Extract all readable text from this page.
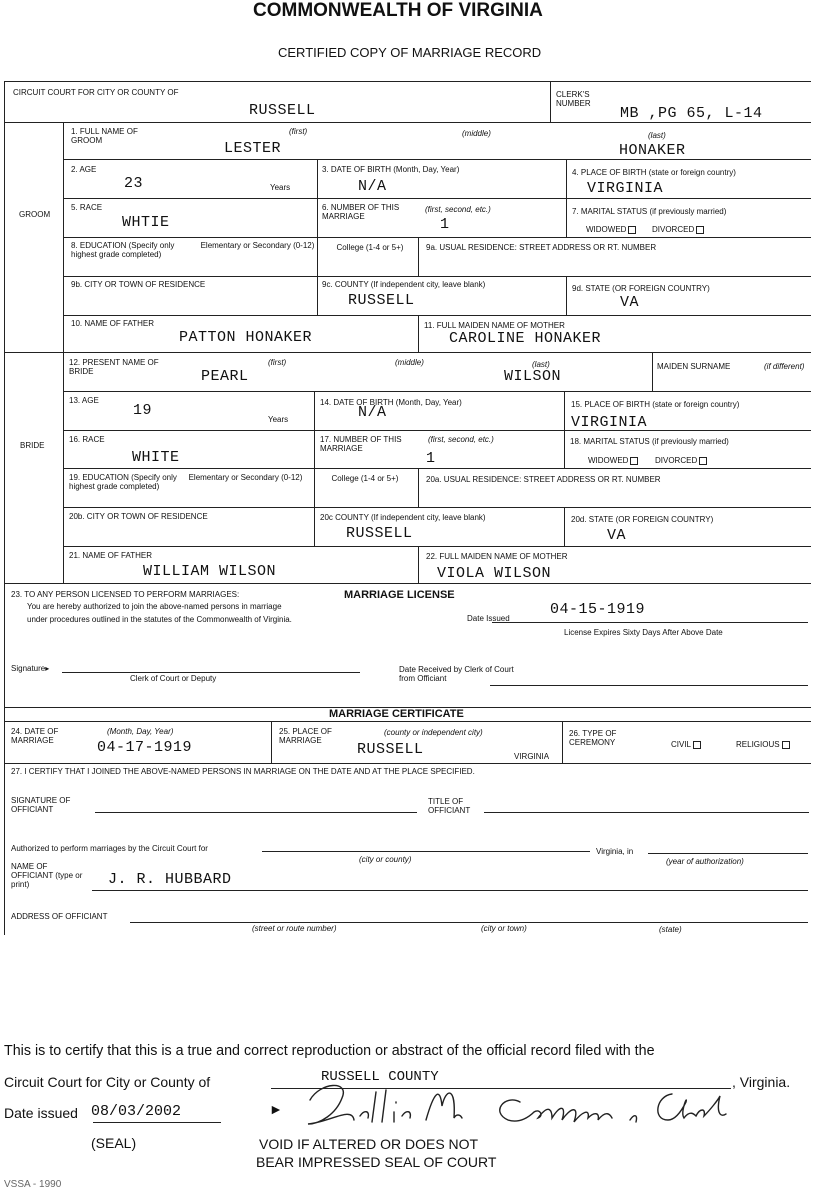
COMMONWEALTH OF VIRGINIA
CERTIFIED COPY OF MARRIAGE RECORD
CIRCUIT COURT FOR CITY OR COUNTY OF
RUSSELL
CLERK'S NUMBER
MB ,PG 65, L-14
GROOM
1. FULL NAME OF GROOM
(first)	(middle)	(last)
LESTER	HONAKER
2. AGE
23	Years
3. DATE OF BIRTH (Month, Day, Year)
N/A
4. PLACE OF BIRTH (state or foreign country)
VIRGINIA
5. RACE
WHTIE
6. NUMBER OF THIS MARRIAGE
(first, second, etc.)
1
7. MARITAL STATUS (if previously married)
WIDOWED	DIVORCED
8. EDUCATION (Specify only highest grade completed)
Elementary or Secondary (0-12)	College (1-4 or 5+)	9a. USUAL RESIDENCE: STREET ADDRESS OR RT. NUMBER
9b. CITY OR TOWN OF RESIDENCE	9c. COUNTY (If independent city, leave blank)
RUSSELL
9d. STATE (OR FOREIGN COUNTRY)
VA
10. NAME OF FATHER
PATTON HONAKER
11. FULL MAIDEN NAME OF MOTHER
CAROLINE HONAKER
BRIDE
12. PRESENT NAME OF BRIDE
(first)	(middle)	(last)
PEARL	WILSON
MAIDEN SURNAME	(if different)
13. AGE
19
Years
14. DATE OF BIRTH (Month, Day, Year)
N/A	15. PLACE OF BIRTH (state or foreign country)
VIRGINIA
16. RACE
WHITE
17. NUMBER OF THIS MARRIAGE
(first, second, etc.)
1
18. MARITAL STATUS (if previously married)
WIDOWED	DIVORCED
19. EDUCATION (Specify only highest grade completed)
Elementary or Secondary (0-12)	College (1-4 or 5+)	20a. USUAL RESIDENCE: STREET ADDRESS OR RT. NUMBER
20b. CITY OR TOWN OF RESIDENCE	20c COUNTY (If independent city, leave blank)
RUSSELL
20d. STATE (OR FOREIGN COUNTRY)
VA
21. NAME OF FATHER
WILLIAM WILSON
22. FULL MAIDEN NAME OF MOTHER
VIOLA WILSON
23. TO ANY PERSON LICENSED TO PERFORM MARRIAGES:	MARRIAGE LICENSE
You are hereby authorized to join the above-named persons in marriage
under procedures outlined in the statutes of the Commonwealth of Virginia.	Date Issued
04-15-1919
License Expires Sixty Days After Above Date
Signature▸
Clerk of Court or Deputy
Date Received by Clerk of Court from Officiant
MARRIAGE CERTIFICATE
24. DATE OF MARRIAGE
(Month, Day, Year)
04-17-1919
25. PLACE OF MARRIAGE
(county or independent city)
RUSSELL	VIRGINIA
26. TYPE OF CEREMONY	CIVIL	RELIGIOUS
27. I CERTIFY THAT I JOINED THE ABOVE-NAMED PERSONS IN MARRIAGE ON THE DATE AND AT THE PLACE SPECIFIED.
SIGNATURE OF OFFICIANT
TITLE OF OFFICIANT
Authorized to perform marriages by the Circuit Court for
(city or county)
Virginia, in
(year of authorization)
NAME OF OFFICIANT (type or print)	J. R. HUBBARD
ADDRESS OF OFFICIANT
(street or route number)	(city or town)	(state)
This is to certify that this is a true and correct reproduction or abstract of the official record filed with the
Circuit Court for City or County of	RUSSELL COUNTY	, Virginia.
Date issued 08/03/2002	►
(SEAL)	VOID IF ALTERED OR DOES NOT
BEAR IMPRESSED SEAL OF COURT
VSSA - 1990
